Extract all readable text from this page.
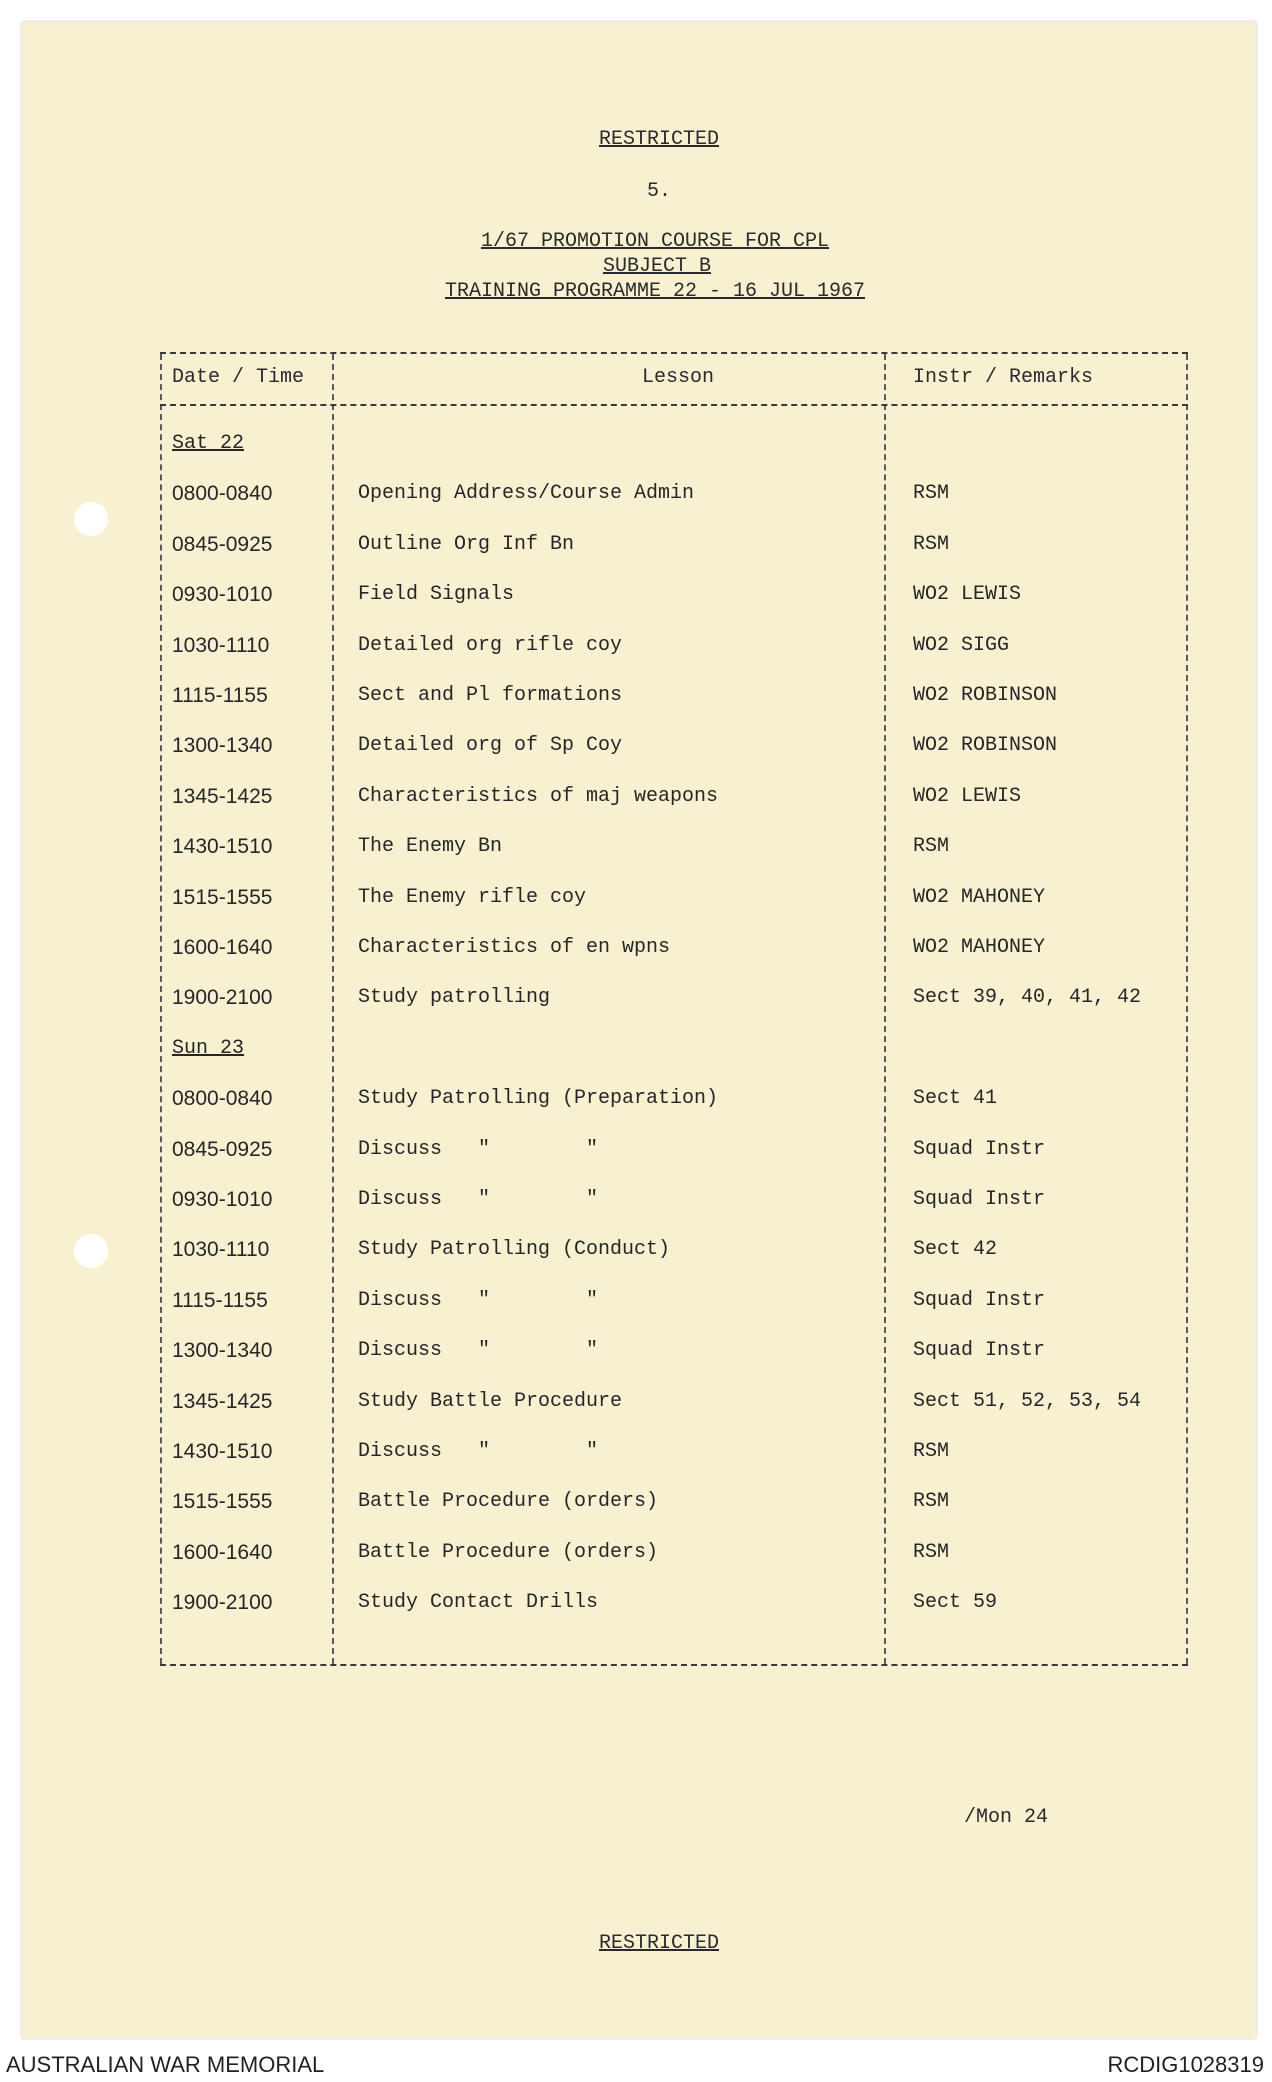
RESTRICTED
5.
1/67 PROMOTION COURSE FOR CPL
SUBJECT B
TRAINING PROGRAMME 22 - 16 JUL 1967
Date / Time	Lesson	Instr / Remarks
Sat 22
0800-0840	Opening Address/Course Admin	RSM
0845-0925	Outline Org Inf Bn	RSM
0930-1010	Field Signals	WO2 LEWIS
1030-1110	Detailed org rifle coy	WO2 SIGG
1115-1155	Sect and Pl formations	WO2 ROBINSON
1300-1340	Detailed org of Sp Coy	WO2 ROBINSON
1345-1425	Characteristics of maj weapons	WO2 LEWIS
1430-1510	The Enemy Bn	RSM
1515-1555	The Enemy rifle coy	WO2 MAHONEY
1600-1640	Characteristics of en wpns	WO2 MAHONEY
1900-2100	Study patrolling	Sect 39, 40, 41, 42
Sun 23
0800-0840	Study Patrolling (Preparation)	Sect 41
0845-0925	Discuss   "        "	Squad Instr
0930-1010	Discuss   "        "	Squad Instr
1030-1110	Study Patrolling (Conduct)	Sect 42
1115-1155	Discuss   "        "	Squad Instr
1300-1340	Discuss   "        "	Squad Instr
1345-1425	Study Battle Procedure	Sect 51, 52, 53, 54
1430-1510	Discuss   "        "	RSM
1515-1555	Battle Procedure (orders)	RSM
1600-1640	Battle Procedure (orders)	RSM
1900-2100	Study Contact Drills	Sect 59
/Mon 24
RESTRICTED
AUSTRALIAN WAR MEMORIAL	RCDIG1028319
